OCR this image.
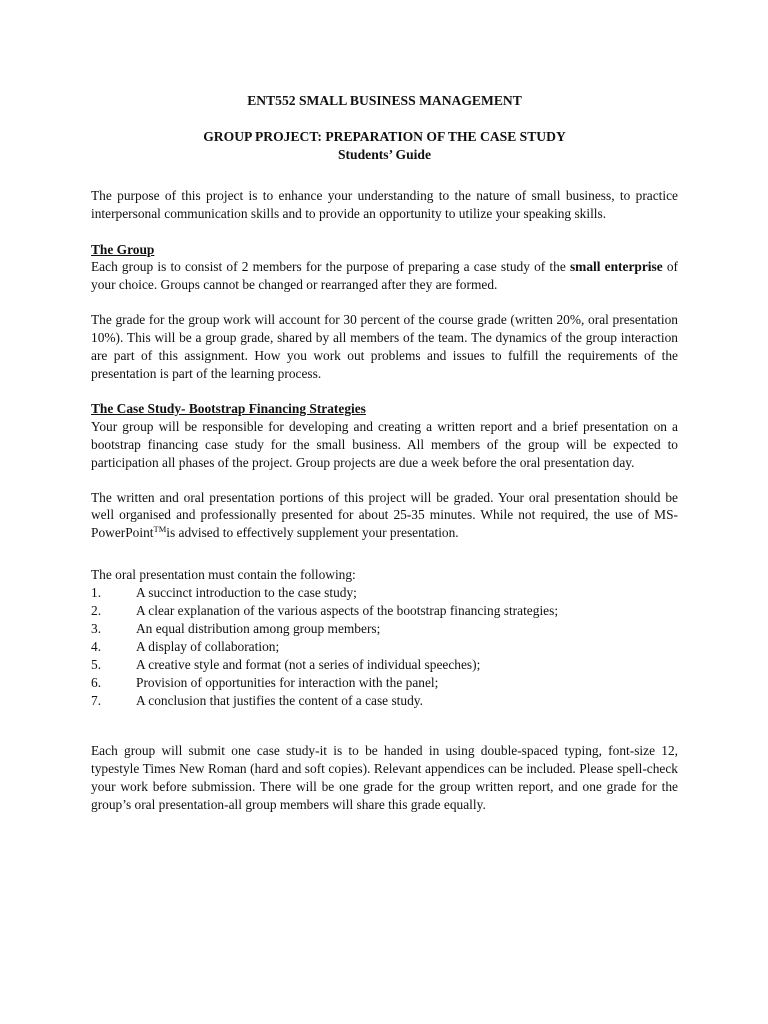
ENT552 SMALL BUSINESS MANAGEMENT
GROUP PROJECT: PREPARATION OF THE CASE STUDY
Students’ Guide

The purpose of this project is to enhance your understanding to the nature of small business, to practice interpersonal communication skills and to provide an opportunity to utilize your speaking skills.

The Group

Each group is to consist of 2 members for the purpose of preparing a case study of the small enterprise of your choice. Groups cannot be changed or rearranged after they are formed.

The grade for the group work will account for 30 percent of the course grade (written 20%, oral presentation 10%). This will be a group grade, shared by all members of the team. The dynamics of the group interaction are part of this assignment. How you work out problems and issues to fulfill the requirements of the presentation is part of the learning process.

The Case Study- Bootstrap Financing Strategies

Your group will be responsible for developing and creating a written report and a brief presentation on a bootstrap financing case study for the small business. All members of the group will be expected to participation all phases of the project. Group projects are due a week before the oral presentation day.

The written and oral presentation portions of this project will be graded. Your oral presentation should be well organised and professionally presented for about 25-35 minutes. While not required, the use of MS-PowerPoint™is advised to effectively supplement your presentation.

The oral presentation must contain the following:

1.	A succinct introduction to the case study;
2.	A clear explanation of the various aspects of the bootstrap financing strategies;
3.	An equal distribution among group members;
4.	A display of collaboration;
5.	A creative style and format (not a series of individual speeches);
6.	Provision of opportunities for interaction with the panel;
7.	A conclusion that justifies the content of a case study.

Each group will submit one case study-it is to be handed in using double-spaced typing, font-size 12, typestyle Times New Roman (hard and soft copies). Relevant appendices can be included. Please spell-check your work before submission. There will be one grade for the group written report, and one grade for the group’s oral presentation-all group members will share this grade equally.
